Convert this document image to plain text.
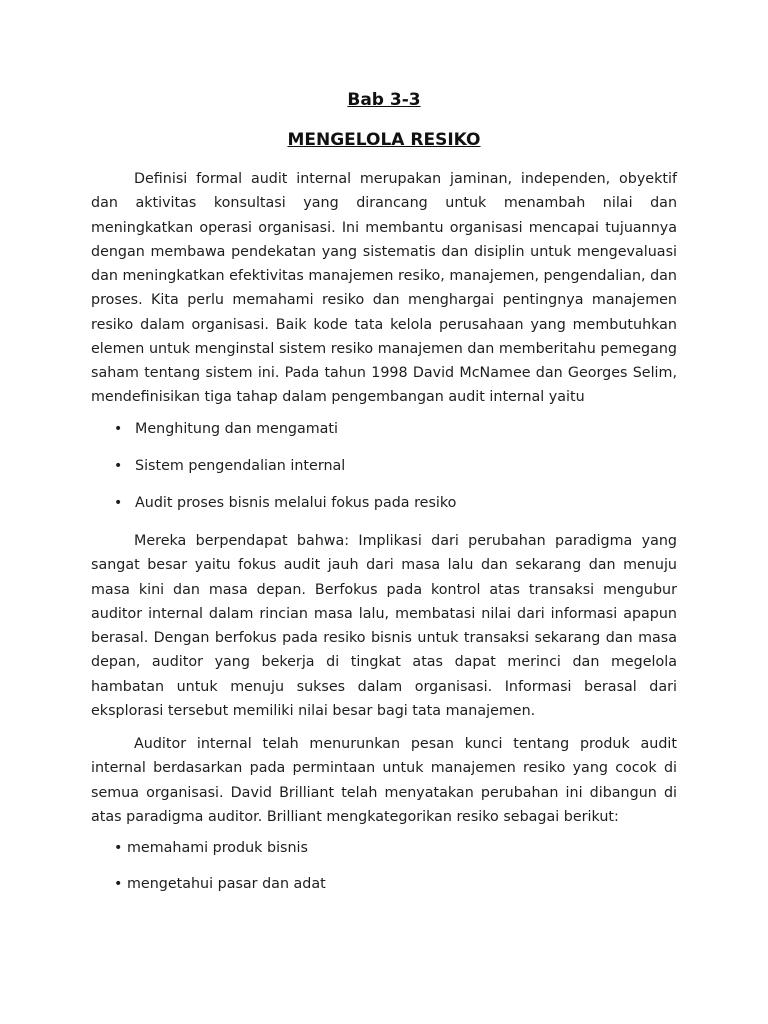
Bab 3-3
MENGELOLA RESIKO

Definisi formal audit internal merupakan jaminan, independen, obyektif dan aktivitas konsultasi yang dirancang untuk menambah nilai dan meningkatkan operasi organisasi. Ini membantu organisasi mencapai tujuannya dengan membawa pendekatan yang sistematis dan disiplin untuk mengevaluasi dan meningkatkan efektivitas manajemen resiko, manajemen, pengendalian, dan proses. Kita perlu memahami resiko dan menghargai pentingnya manajemen resiko dalam organisasi. Baik kode tata kelola perusahaan yang membutuhkan elemen untuk menginstal sistem resiko manajemen dan memberitahu pemegang saham tentang sistem ini. Pada tahun 1998 David McNamee dan Georges Selim, mendefinisikan tiga tahap dalam pengembangan audit internal yaitu

• Menghitung dan mengamati
• Sistem pengendalian internal
• Audit proses bisnis melalui fokus pada resiko

Mereka berpendapat bahwa: Implikasi dari perubahan paradigma yang sangat besar yaitu fokus audit jauh dari masa lalu dan sekarang dan menuju masa kini dan masa depan. Berfokus pada kontrol atas transaksi mengubur auditor internal dalam rincian masa lalu, membatasi nilai dari informasi apapun berasal. Dengan berfokus pada resiko bisnis untuk transaksi sekarang dan masa depan, auditor yang bekerja di tingkat atas dapat merinci dan megelola hambatan untuk menuju sukses dalam organisasi. Informasi berasal dari eksplorasi tersebut memiliki nilai besar bagi tata manajemen.

Auditor internal telah menurunkan pesan kunci tentang produk audit internal berdasarkan pada permintaan untuk manajemen resiko yang cocok di semua organisasi. David Brilliant telah menyatakan perubahan ini dibangun di atas paradigma auditor. Brilliant mengkategorikan resiko sebagai berikut:

• memahami produk bisnis
• mengetahui pasar dan adat
